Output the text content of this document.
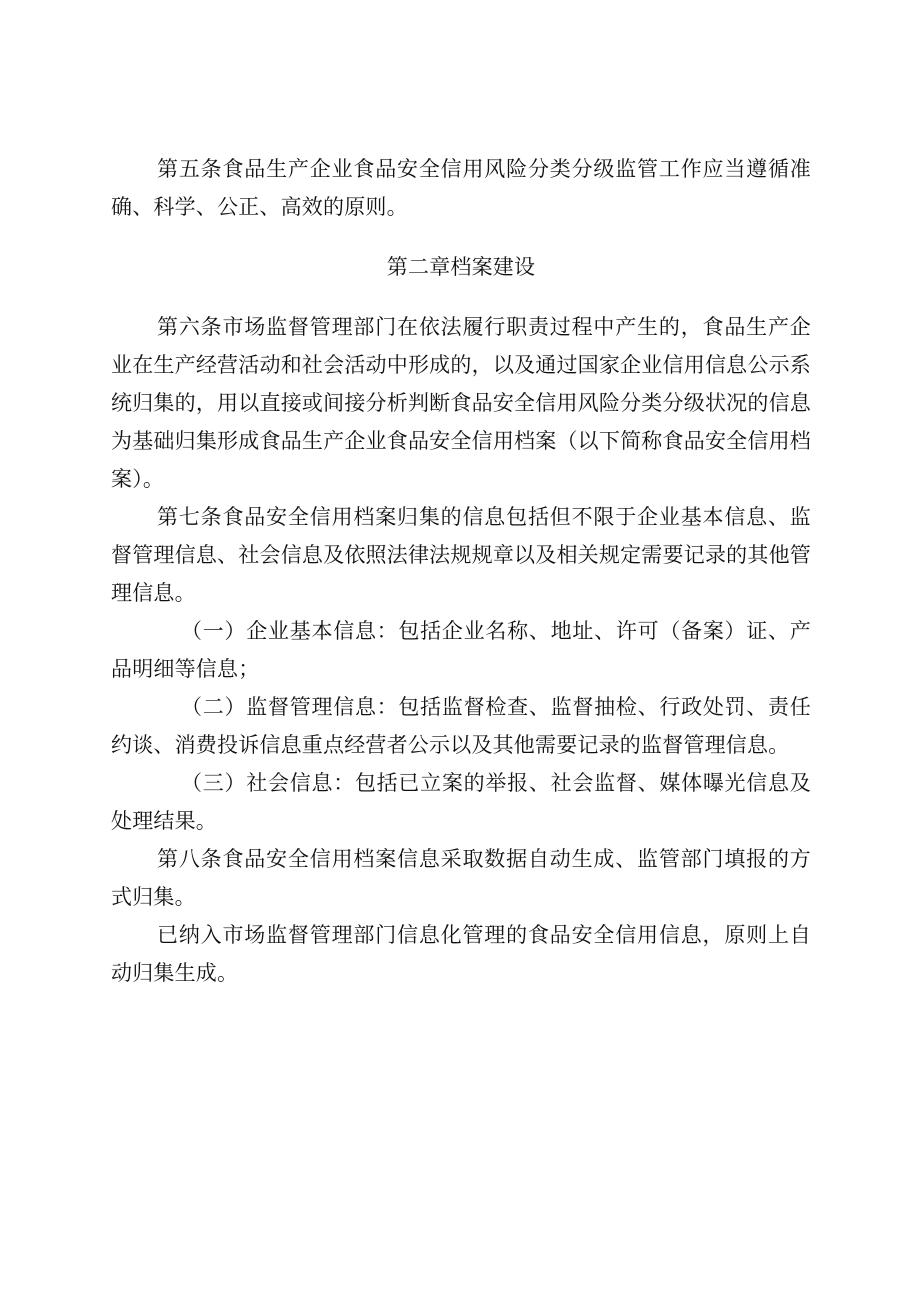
第五条食品生产企业食品安全信用风险分类分级监管工作应当遵循准确、科学、公正、高效的原则。

第二章档案建设

第六条市场监督管理部门在依法履行职责过程中产生的，食品生产企业在生产经营活动和社会活动中形成的，以及通过国家企业信用信息公示系统归集的，用以直接或间接分析判断食品安全信用风险分类分级状况的信息为基础归集形成食品生产企业食品安全信用档案（以下简称食品安全信用档案）。

第七条食品安全信用档案归集的信息包括但不限于企业基本信息、监督管理信息、社会信息及依照法律法规规章以及相关规定需要记录的其他管理信息。

（一）企业基本信息：包括企业名称、地址、许可（备案）证、产品明细等信息；

（二）监督管理信息：包括监督检查、监督抽检、行政处罚、责任约谈、消费投诉信息重点经营者公示以及其他需要记录的监督管理信息。

（三）社会信息：包括已立案的举报、社会监督、媒体曝光信息及处理结果。

第八条食品安全信用档案信息采取数据自动生成、监管部门填报的方式归集。

已纳入市场监督管理部门信息化管理的食品安全信用信息，原则上自动归集生成。
